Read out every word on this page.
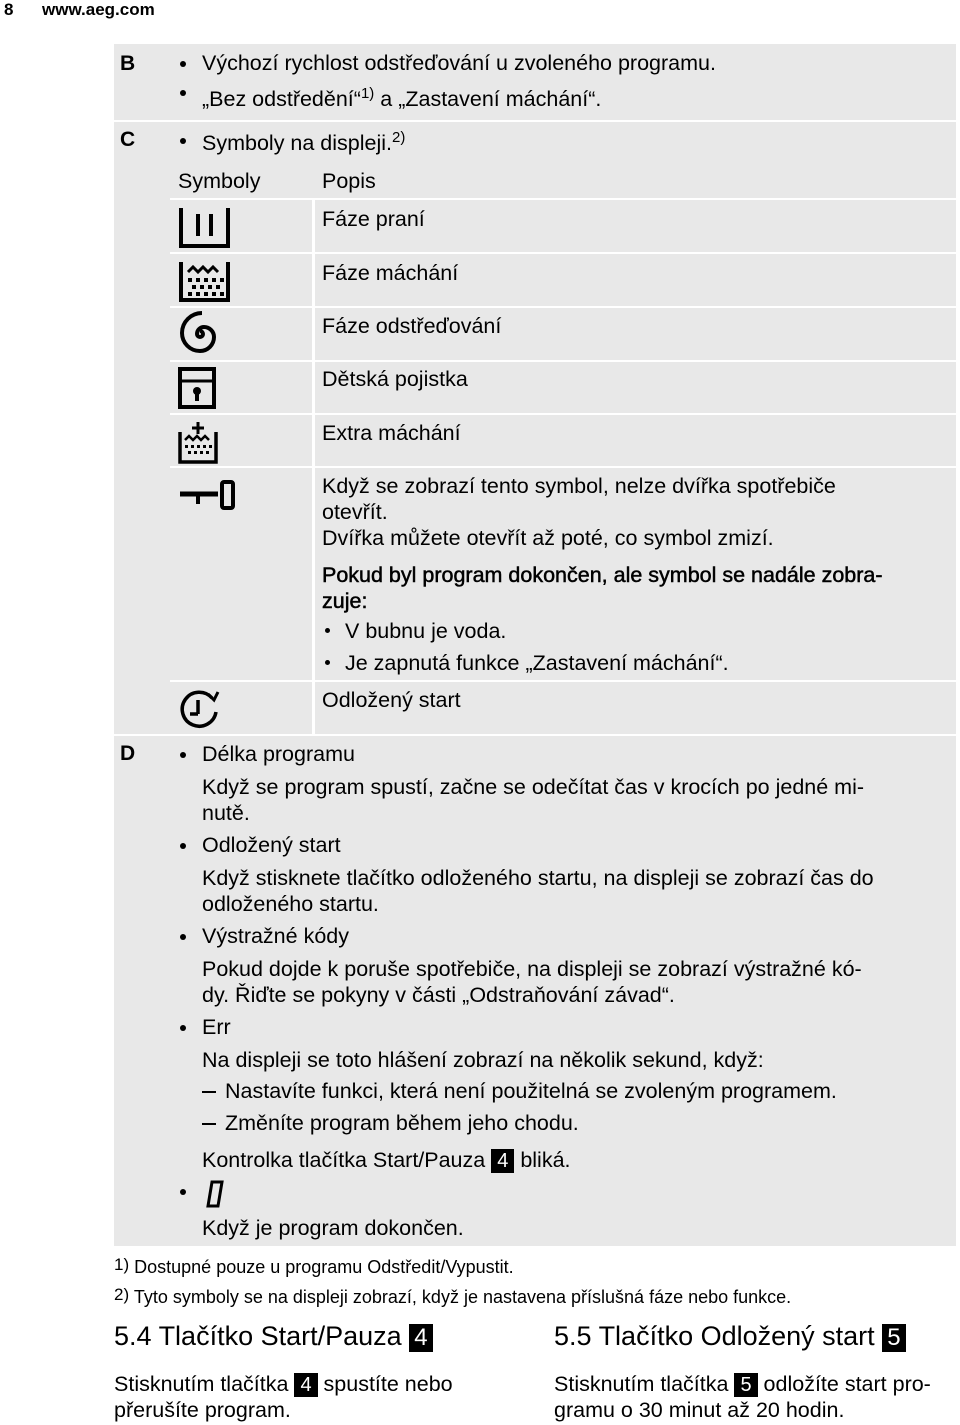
8 www.aeg.com
B	Výchozí rychlost odstřeďování u zvoleného programu.
„Bez odstředění“$^{1)}$ a „Zastavení máchání“.
C	Symboly na displeji.$^{2)}$
Symboly	Popis
Fáze praní
Fáze máchání
Fáze odstřeďování
Dětská pojistka
Extra máchání
Když se zobrazí tento symbol, nelze dvířka spotřebiče
otevřít.
Dvířka můžete otevřít až poté, co symbol zmizí.
Pokud byl program dokončen, ale symbol se nadále zobra-
zuje:
V bubnu je voda.
Je zapnutá funkce „Zastavení máchání“.
Odložený start
D	Délka programu
Když se program spustí, začne se odečítat čas v krocích po jedné mi-
nutě.
Odložený start
Když stisknete tlačítko odloženého startu, na displeji se zobrazí čas do
odloženého startu.
Výstražné kódy
Pokud dojde k poruše spotřebiče, na displeji se zobrazí výstražné kó-
dy. Řiďte se pokyny v části „Odstraňování závad“.
Err
Na displeji se toto hlášení zobrazí na několik sekund, když:
Nastavíte funkci, která není použitelná se zvoleným programem.
Změníte program během jeho chodu.
Kontrolka tlačítka Start/Pauza 4 bliká.
Když je program dokončen.
1) Dostupné pouze u programu Odstředit/Vypustit.
2) Tyto symboly se na displeji zobrazí, když je nastavena příslušná fáze nebo funkce.
5.4 Tlačítko Start/Pauza 4
Stisknutím tlačítka 4 spustíte nebo
přerušíte program.
5.5 Tlačítko Odložený start 5
Stisknutím tlačítka 5 odložíte start pro-
gramu o 30 minut až 20 hodin.
